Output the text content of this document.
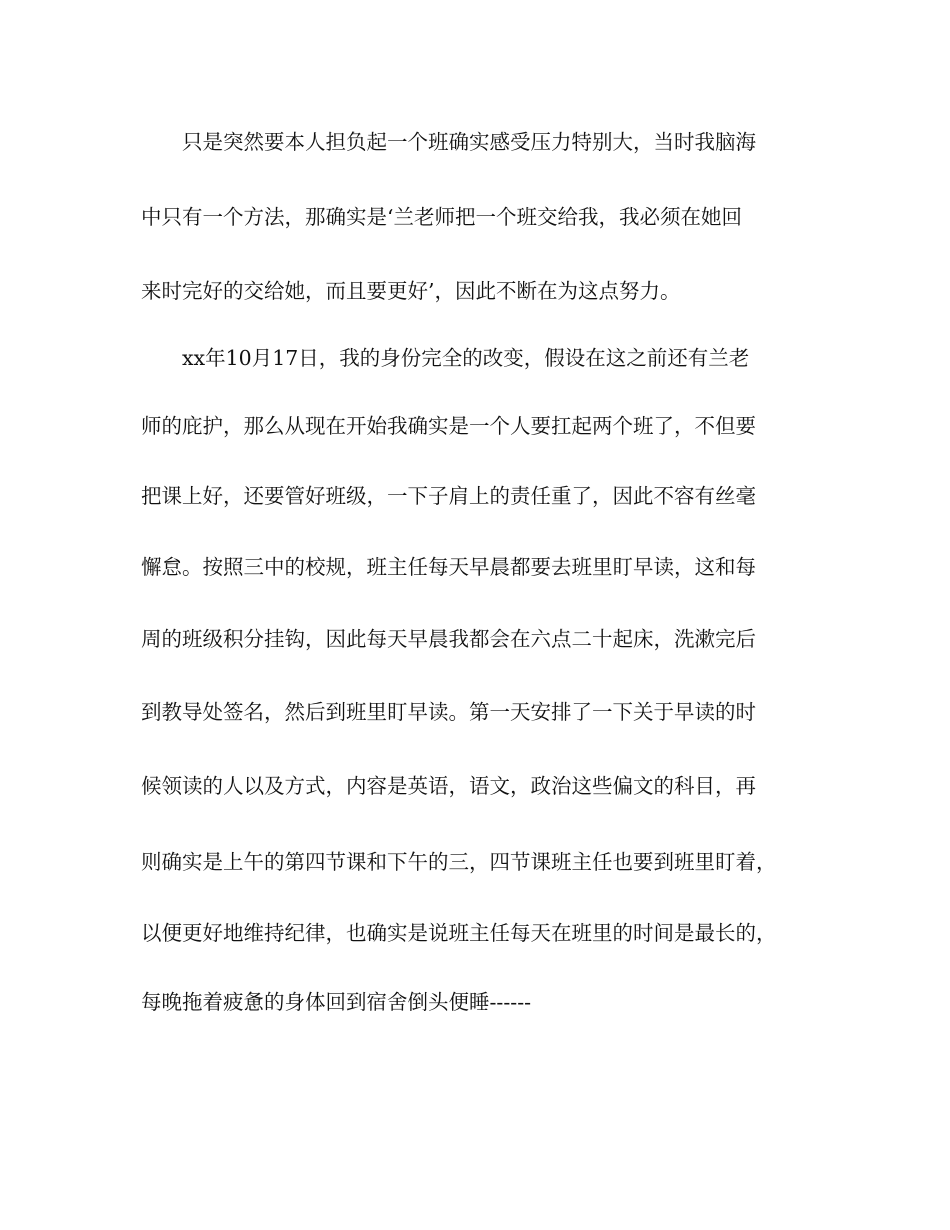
只是突然要本人担负起一个班确实感受压力特别大，当时我脑海

中只有一个方法，那确实是‘兰老师把一个班交给我，我必须在她回

来时完好的交给她，而且要更好’，因此不断在为这点努力。

xx年10月17日，我的身份完全的改变，假设在这之前还有兰老

师的庇护，那么从现在开始我确实是一个人要扛起两个班了，不但要

把课上好，还要管好班级，一下子肩上的责任重了，因此不容有丝毫

懈怠。按照三中的校规，班主任每天早晨都要去班里盯早读，这和每

周的班级积分挂钩，因此每天早晨我都会在六点二十起床，洗漱完后

到教导处签名，然后到班里盯早读。第一天安排了一下关于早读的时

候领读的人以及方式，内容是英语，语文，政治这些偏文的科目，再

则确实是上午的第四节课和下午的三，四节课班主任也要到班里盯着，

以便更好地维持纪律，也确实是说班主任每天在班里的时间是最长的，

每晚拖着疲惫的身体回到宿舍倒头便睡------
